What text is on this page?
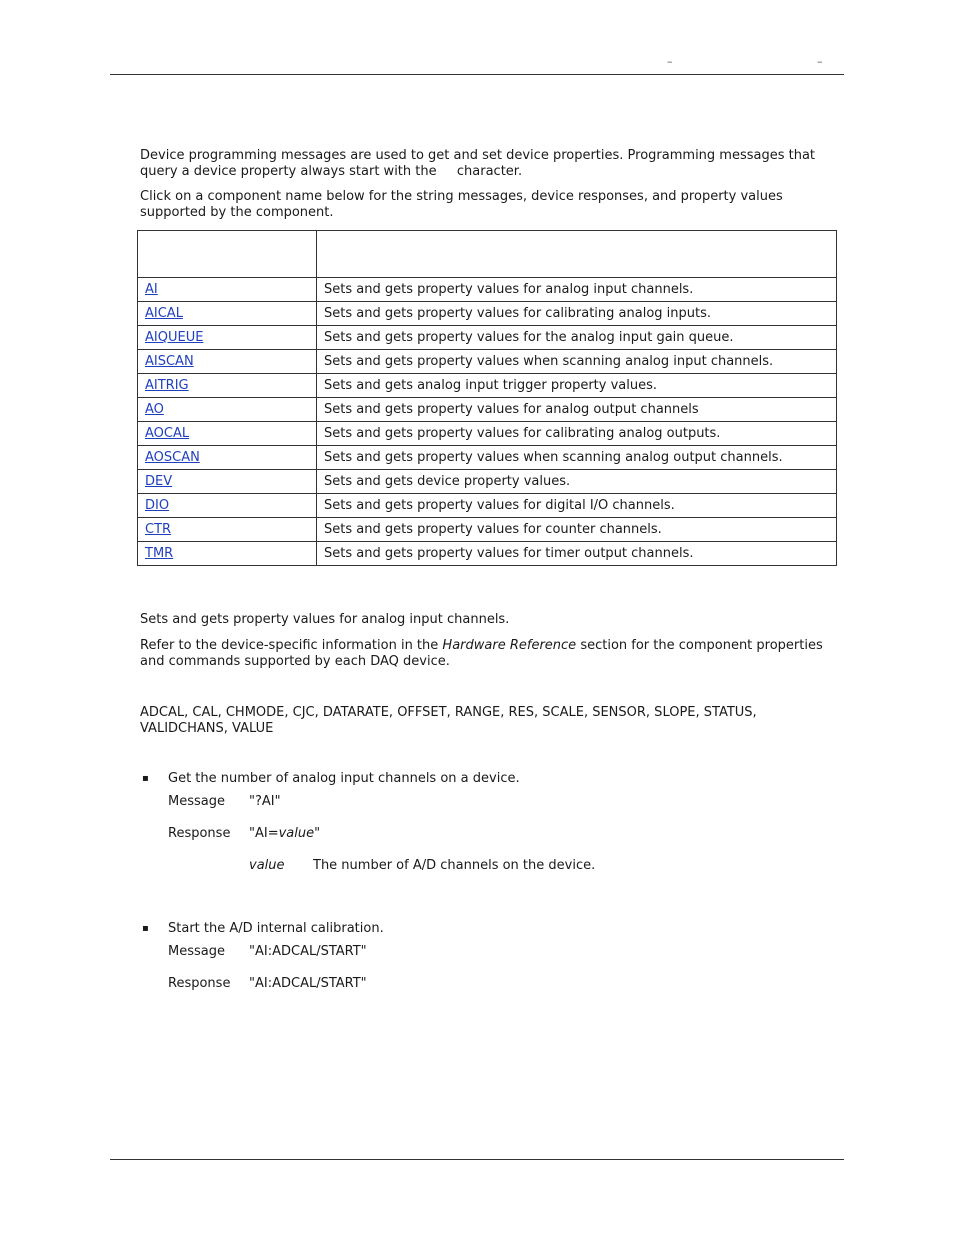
–	–

Device programming messages are used to get and set device properties. Programming messages that query a device property always start with the character.

Click on a component name below for the string messages, device responses, and property values supported by the component.

AI	Sets and gets property values for analog input channels.
AICAL	Sets and gets property values for calibrating analog inputs.
AIQUEUE	Sets and gets property values for the analog input gain queue.
AISCAN	Sets and gets property values when scanning analog input channels.
AITRIG	Sets and gets analog input trigger property values.
AO	Sets and gets property values for analog output channels
AOCAL	Sets and gets property values for calibrating analog outputs.
AOSCAN	Sets and gets property values when scanning analog output channels.
DEV	Sets and gets device property values.
DIO	Sets and gets property values for digital I/O channels.
CTR	Sets and gets property values for counter channels.
TMR	Sets and gets property values for timer output channels.

Sets and gets property values for analog input channels.

Refer to the device-specific information in the Hardware Reference section for the component properties and commands supported by each DAQ device.

ADCAL, CAL, CHMODE, CJC, DATARATE, OFFSET, RANGE, RES, SCALE, SENSOR, SLOPE, STATUS, VALIDCHANS, VALUE

▪ Get the number of analog input channels on a device.
Message "?AI"
Response "AI=value"
value The number of A/D channels on the device.
▪ Start the A/D internal calibration.
Message "AI:ADCAL/START"
Response "AI:ADCAL/START"
